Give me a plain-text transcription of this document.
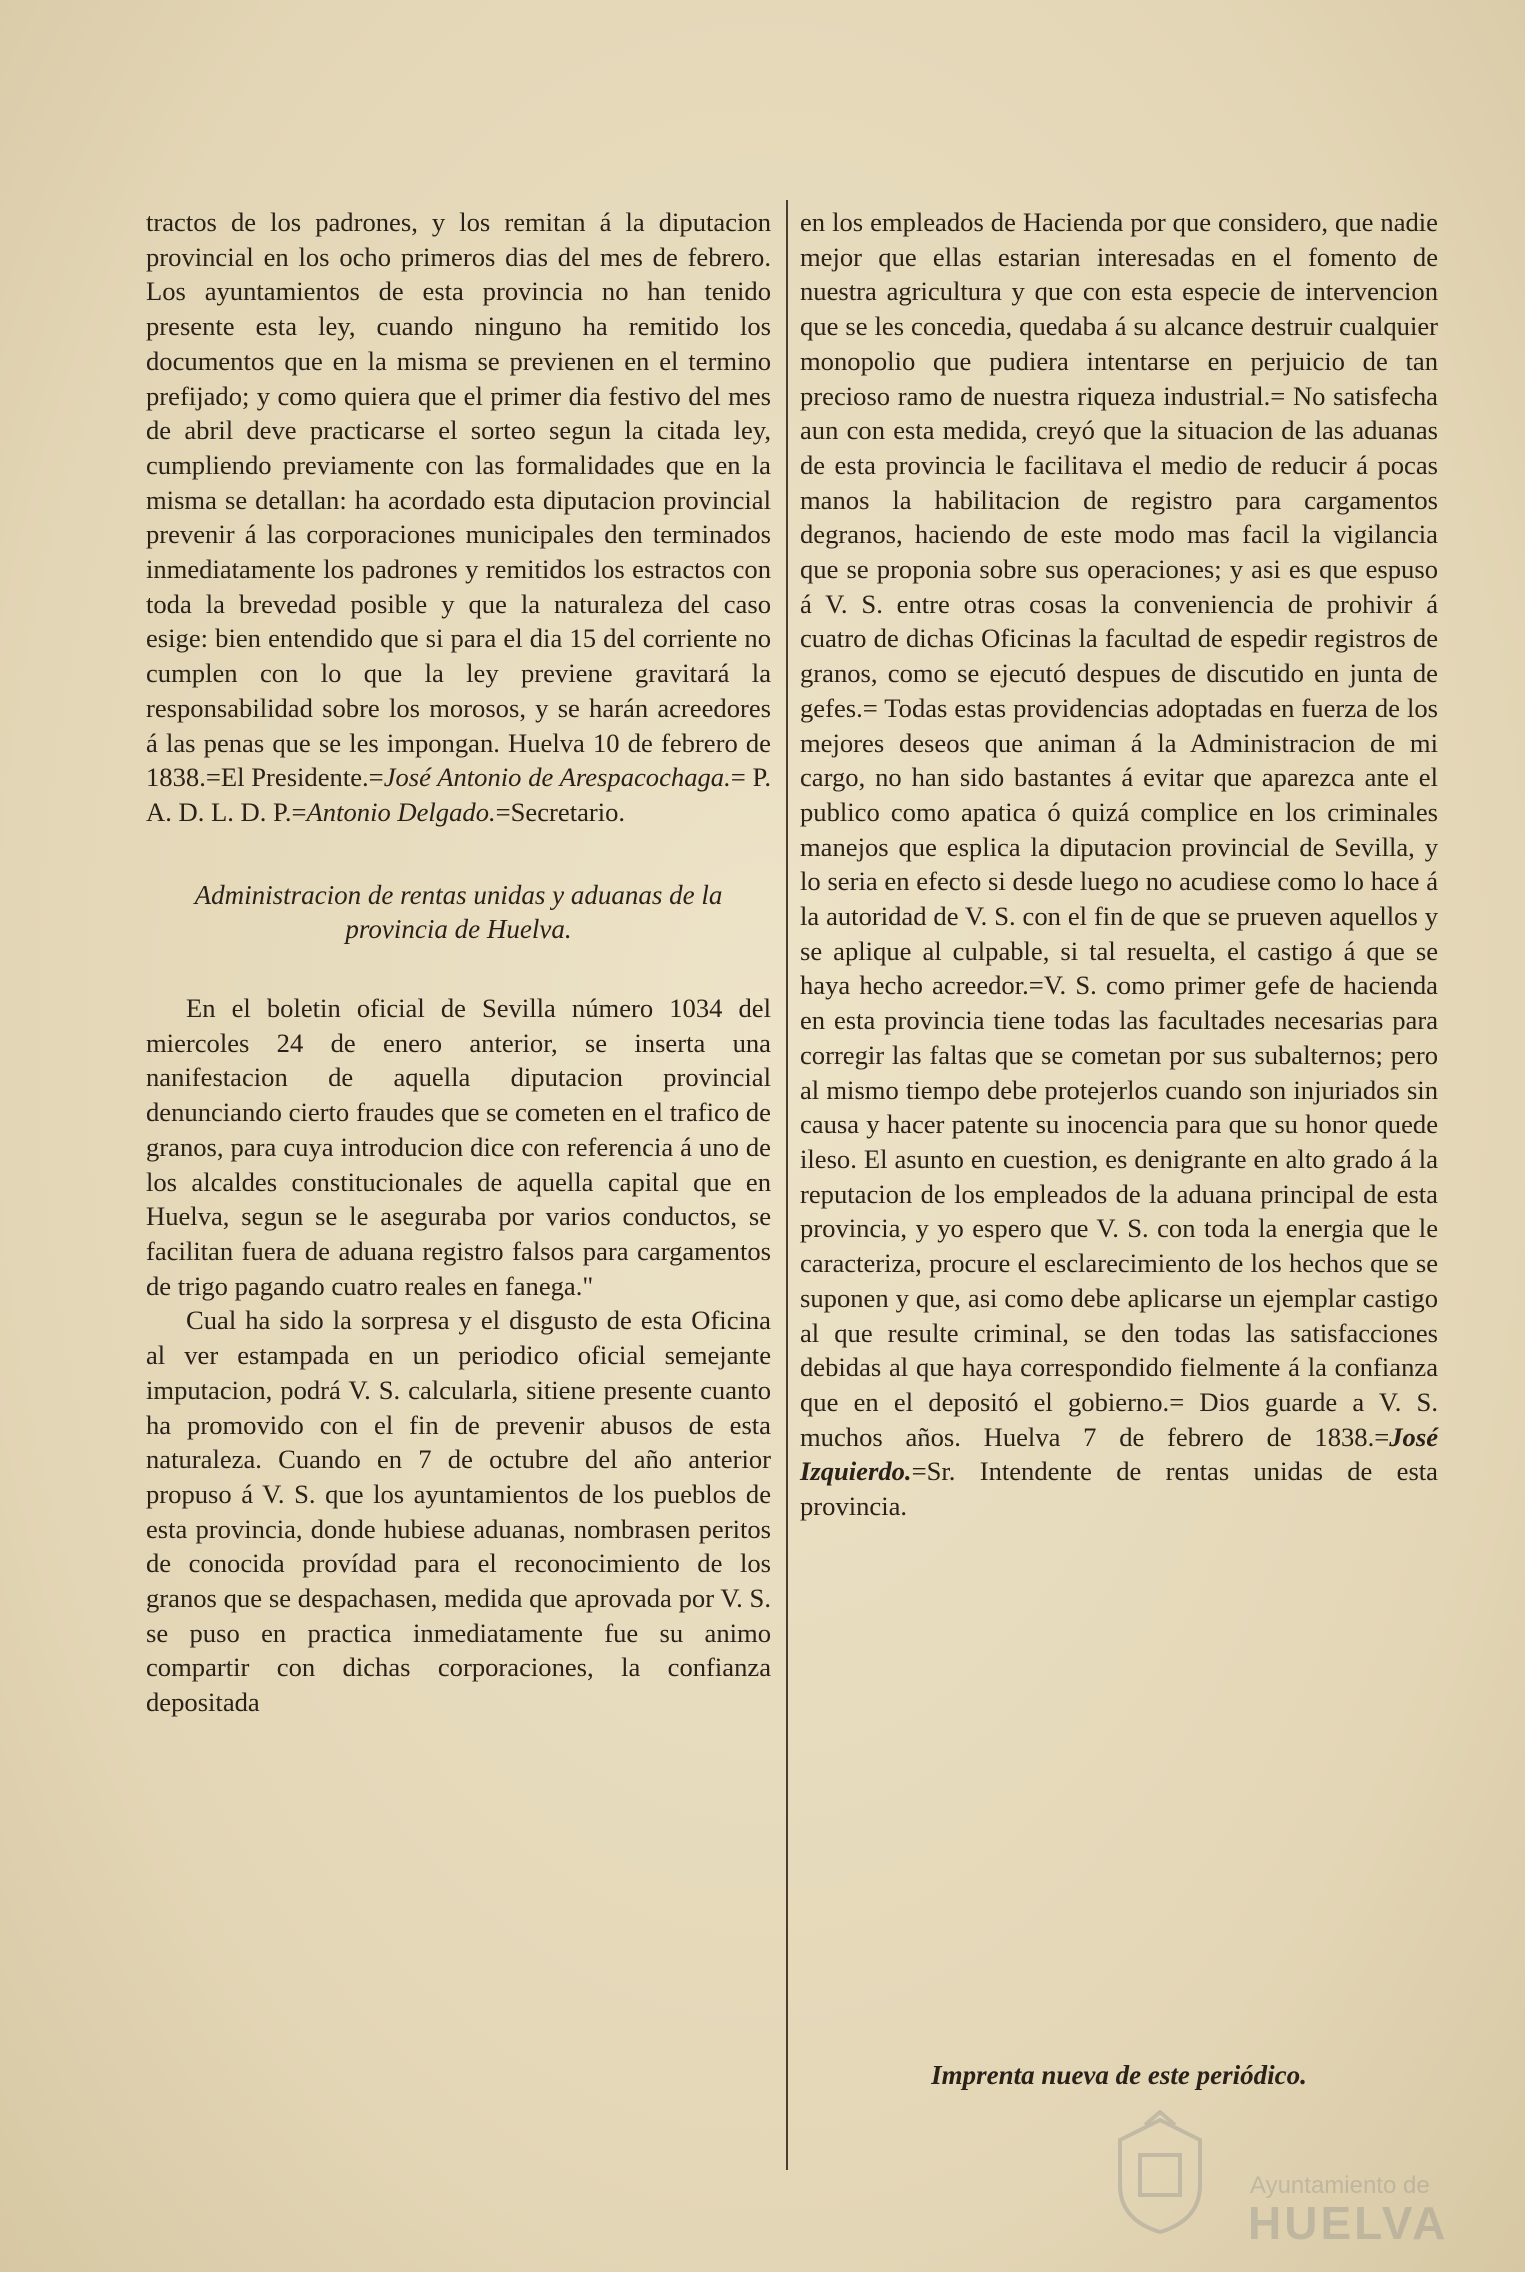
tractos de los padrones, y los remitan á la diputacion provincial en los ocho primeros dias del mes de febrero. Los ayuntamientos de esta provincia no han tenido presente esta ley, cuando ninguno ha remitido los documentos que en la misma se previenen en el termino prefijado; y como quiera que el primer dia festivo del mes de abril deve practicarse el sorteo segun la citada ley, cumpliendo previamente con las formalidades que en la misma se detallan: ha acordado esta diputacion provincial prevenir á las corporaciones municipales den terminados inmediatamente los padrones y remitidos los estractos con toda la brevedad posible y que la naturaleza del caso esige: bien entendido que si para el dia 15 del corriente no cumplen con lo que la ley previene gravitará la responsabilidad sobre los morosos, y se harán acreedores á las penas que se les impongan. Huelva 10 de febrero de 1838.=El Presidente.=José Antonio de Arespacochaga.= P. A. D. L. D. P.=Antonio Delgado.=Secretario.

Administracion de rentas unidas y aduanas de la provincia de Huelva.

En el boletin oficial de Sevilla número 1034 del miercoles 24 de enero anterior, se inserta una nanifestacion de aquella diputacion provincial denunciando cierto fraudes que se cometen en el trafico de granos, para cuya introducion dice con referencia á uno de los alcaldes constitucionales de aquella capital que en Huelva, segun se le aseguraba por varios conductos, se facilitan fuera de aduana registro falsos para cargamentos de trigo pagando cuatro reales en fanega."

Cual ha sido la sorpresa y el disgusto de esta Oficina al ver estampada en un periodico oficial semejante imputacion, podrá V. S. calcularla, sitiene presente cuanto ha promovido con el fin de prevenir abusos de esta naturaleza. Cuando en 7 de octubre del año anterior propuso á V. S. que los ayuntamientos de los pueblos de esta provincia, donde hubiese aduanas, nombrasen peritos de conocida provídad para el reconocimiento de los granos que se despachasen, medida que aprovada por V. S. se puso en practica inmediatamente fue su animo compartir con dichas corporaciones, la confianza depositada

en los empleados de Hacienda por que considero, que nadie mejor que ellas estarian interesadas en el fomento de nuestra agricultura y que con esta especie de intervencion que se les concedia, quedaba á su alcance destruir cualquier monopolio que pudiera intentarse en perjuicio de tan precioso ramo de nuestra riqueza industrial.= No satisfecha aun con esta medida, creyó que la situacion de las aduanas de esta provincia le facilitava el medio de reducir á pocas manos la habilitacion de registro para cargamentos degranos, haciendo de este modo mas facil la vigilancia que se proponia sobre sus operaciones; y asi es que espuso á V. S. entre otras cosas la conveniencia de prohivir á cuatro de dichas Oficinas la facultad de espedir registros de granos, como se ejecutó despues de discutido en junta de gefes.= Todas estas providencias adoptadas en fuerza de los mejores deseos que animan á la Administracion de mi cargo, no han sido bastantes á evitar que aparezca ante el publico como apatica ó quizá complice en los criminales manejos que esplica la diputacion provincial de Sevilla, y lo seria en efecto si desde luego no acudiese como lo hace á la autoridad de V. S. con el fin de que se prueven aquellos y se aplique al culpable, si tal resuelta, el castigo á que se haya hecho acreedor.=V. S. como primer gefe de hacienda en esta provincia tiene todas las facultades necesarias para corregir las faltas que se cometan por sus subalternos; pero al mismo tiempo debe protejerlos cuando son injuriados sin causa y hacer patente su inocencia para que su honor quede ileso. El asunto en cuestion, es denigrante en alto grado á la reputacion de los empleados de la aduana principal de esta provincia, y yo espero que V. S. con toda la energia que le caracteriza, procure el esclarecimiento de los hechos que se suponen y que, asi como debe aplicarse un ejemplar castigo al que resulte criminal, se den todas las satisfacciones debidas al que haya correspondido fielmente á la confianza que en el depositó el gobierno.= Dios guarde a V. S. muchos años. Huelva 7 de febrero de 1838.=José Izquierdo.=Sr. Intendente de rentas unidas de esta provincia.

Imprenta nueva de este periódico.
Ayuntamiento de
HUELVA
